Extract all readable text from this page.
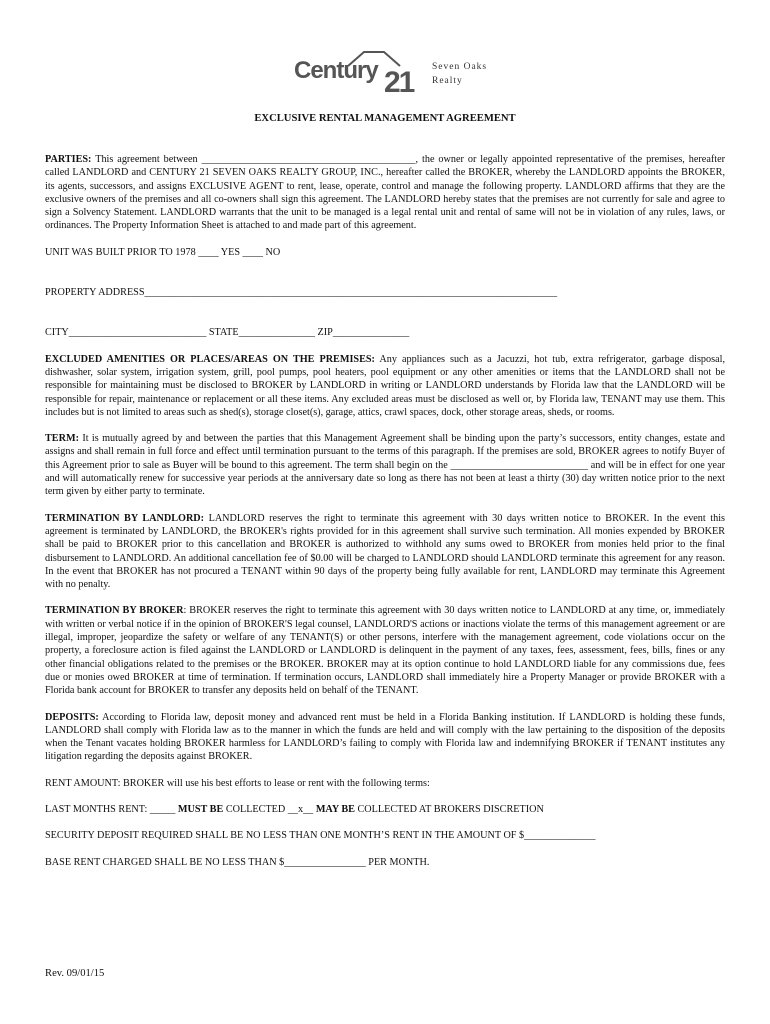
Century 21 Seven Oaks
Realty
EXCLUSIVE RENTAL MANAGEMENT AGREEMENT

PARTIES: This agreement between __________________________________________, the owner or legally appointed representative of the premises, hereafter called LANDLORD and CENTURY 21 SEVEN OAKS REALTY GROUP, INC., hereafter called the BROKER, whereby the LANDLORD appoints the BROKER, its agents, successors, and assigns EXCLUSIVE AGENT to rent, lease, operate, control and manage the following property. LANDLORD affirms that they are the exclusive owners of the premises and all co-owners shall sign this agreement. The LANDLORD hereby states that the premises are not currently for sale and agree to sign a Solvency Statement. LANDLORD warrants that the unit to be managed is a legal rental unit and rental of same will not be in violation of any rules, laws, or ordinances. The Property Information Sheet is attached to and made part of this agreement.

UNIT WAS BUILT PRIOR TO 1978 ____ YES ____ NO

PROPERTY ADDRESS_________________________________________________________________________________

CITY___________________________ STATE_______________ ZIP_______________

EXCLUDED AMENITIES OR PLACES/AREAS ON THE PREMISES: Any appliances such as a Jacuzzi, hot tub, extra refrigerator, garbage disposal, dishwasher, solar system, irrigation system, grill, pool pumps, pool heaters, pool equipment or any other amenities or items that the LANDLORD shall not be responsible for maintaining must be disclosed to BROKER by LANDLORD in writing or LANDLORD understands by Florida law that the LANDLORD will be responsible for repair, maintenance or replacement or all these items. Any excluded areas must be disclosed as well or, by Florida law, TENANT may use them. This includes but is not limited to areas such as shed(s), storage closet(s), garage, attics, crawl spaces, dock, other storage areas, sheds, or rooms.

TERM: It is mutually agreed by and between the parties that this Management Agreement shall be binding upon the party’s successors, entity changes, estate and assigns and shall remain in full force and effect until termination pursuant to the terms of this paragraph. If the premises are sold, BROKER agrees to notify Buyer of this Agreement prior to sale as Buyer will be bound to this agreement. The term shall begin on the ___________________________ and will be in effect for one year and will automatically renew for successive year periods at the anniversary date so long as there has not been at least a thirty (30) day written notice prior to the next term given by either party to terminate.

TERMINATION BY LANDLORD: LANDLORD reserves the right to terminate this agreement with 30 days written notice to BROKER. In the event this agreement is terminated by LANDLORD, the BROKER's rights provided for in this agreement shall survive such termination. All monies expended by BROKER shall be paid to BROKER prior to this cancellation and BROKER is authorized to withhold any sums owed to BROKER from monies held prior to the final disbursement to LANDLORD. An additional cancellation fee of $0.00 will be charged to LANDLORD should LANDLORD terminate this agreement for any reason. In the event that BROKER has not procured a TENANT within 90 days of the property being fully available for rent, LANDLORD may terminate this Agreement with no penalty.

TERMINATION BY BROKER: BROKER reserves the right to terminate this agreement with 30 days written notice to LANDLORD at any time, or, immediately with written or verbal notice if in the opinion of BROKER'S legal counsel, LANDLORD'S actions or inactions violate the terms of this management agreement or are illegal, improper, jeopardize the safety or welfare of any TENANT(S) or other persons, interfere with the management agreement, code violations occur on the property, a foreclosure action is filed against the LANDLORD or LANDLORD is delinquent in the payment of any taxes, fees, assessment, fees, bills, fines or any other financial obligations related to the premises or the BROKER. BROKER may at its option continue to hold LANDLORD liable for any commissions due, fees due or monies owed BROKER at time of termination. If termination occurs, LANDLORD shall immediately hire a Property Manager or provide BROKER with a Florida bank account for BROKER to transfer any deposits held on behalf of the TENANT.

DEPOSITS: According to Florida law, deposit money and advanced rent must be held in a Florida Banking institution. If LANDLORD is holding these funds, LANDLORD shall comply with Florida law as to the manner in which the funds are held and will comply with the law pertaining to the disposition of the deposits when the Tenant vacates holding BROKER harmless for LANDLORD’s failing to comply with Florida law and indemnifying BROKER if TENANT institutes any litigation regarding the deposits against BROKER.

RENT AMOUNT: BROKER will use his best efforts to lease or rent with the following terms:

LAST MONTHS RENT: _____ MUST BE COLLECTED __x__ MAY BE COLLECTED AT BROKERS DISCRETION

SECURITY DEPOSIT REQUIRED SHALL BE NO LESS THAN ONE MONTH’S RENT IN THE AMOUNT OF $______________

BASE RENT CHARGED SHALL BE NO LESS THAN $________________ PER MONTH.

Rev. 09/01/15
